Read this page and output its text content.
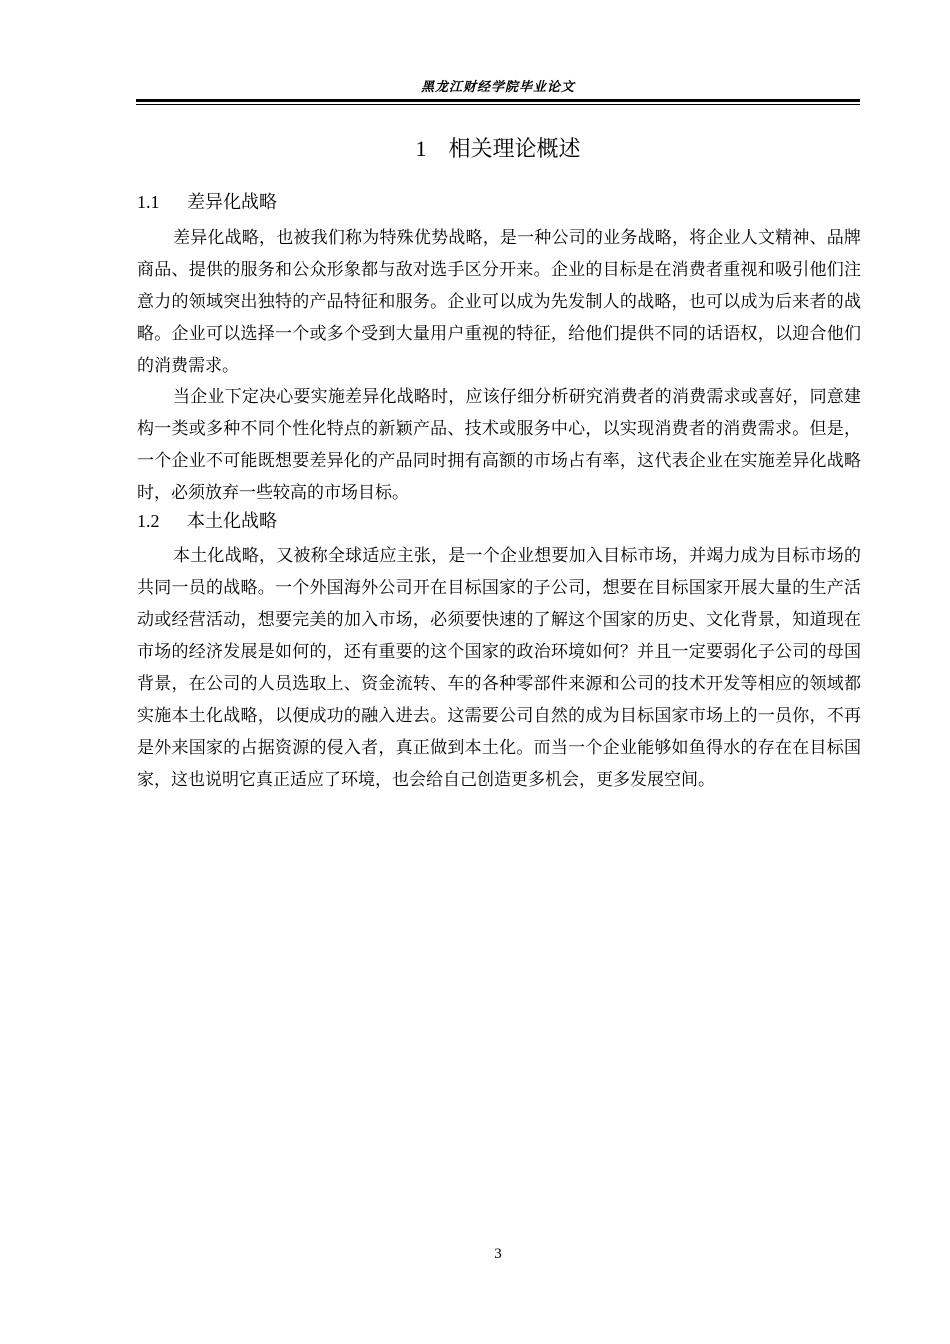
黑龙江财经学院毕业论文
1 相关理论概述
1.1 差异化战略

差异化战略，也被我们称为特殊优势战略，是一种公司的业务战略，将企业人文精神、品牌商品、提供的服务和公众形象都与敌对选手区分开来。企业的目标是在消费者重视和吸引他们注意力的领域突出独特的产品特征和服务。企业可以成为先发制人的战略，也可以成为后来者的战略。企业可以选择一个或多个受到大量用户重视的特征，给他们提供不同的话语权，以迎合他们的消费需求。

当企业下定决心要实施差异化战略时，应该仔细分析研究消费者的消费需求或喜好，同意建构一类或多种不同个性化特点的新颖产品、技术或服务中心，以实现消费者的消费需求。但是，一个企业不可能既想要差异化的产品同时拥有高额的市场占有率，这代表企业在实施差异化战略时，必须放弃一些较高的市场目标。

1.2 本土化战略

本土化战略，又被称全球适应主张，是一个企业想要加入目标市场，并竭力成为目标市场的共同一员的战略。一个外国海外公司开在目标国家的子公司，想要在目标国家开展大量的生产活动或经营活动，想要完美的加入市场，必须要快速的了解这个国家的历史、文化背景，知道现在市场的经济发展是如何的，还有重要的这个国家的政治环境如何？并且一定要弱化子公司的母国背景，在公司的人员选取上、资金流转、车的各种零部件来源和公司的技术开发等相应的领域都实施本土化战略，以便成功的融入进去。这需要公司自然的成为目标国家市场上的一员你，不再是外来国家的占据资源的侵入者，真正做到本土化。而当一个企业能够如鱼得水的存在在目标国家，这也说明它真正适应了环境，也会给自己创造更多机会，更多发展空间。

3
